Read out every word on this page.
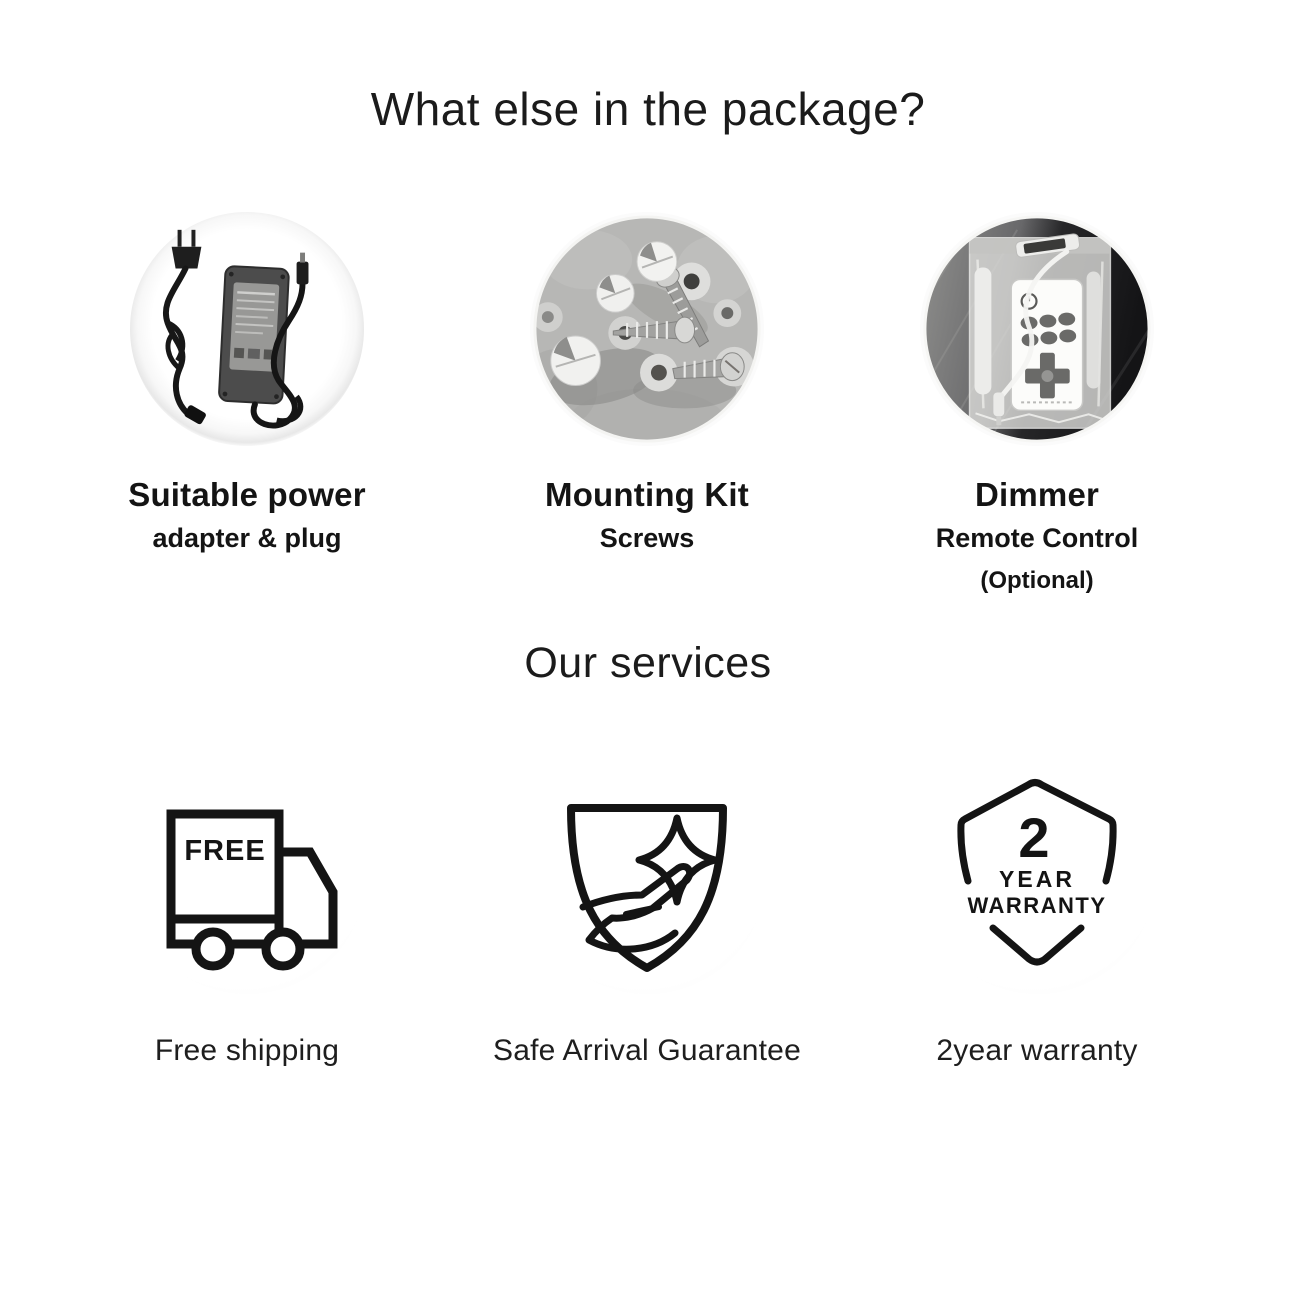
What else in the package?
Suitable power
adapter & plug
Mounting Kit
Screws
Dimmer
Remote Control
(Optional)
Our services
FREE
Free shipping	Safe Arrival Guarantee
2
YEAR
WARRANTY
2year warranty
